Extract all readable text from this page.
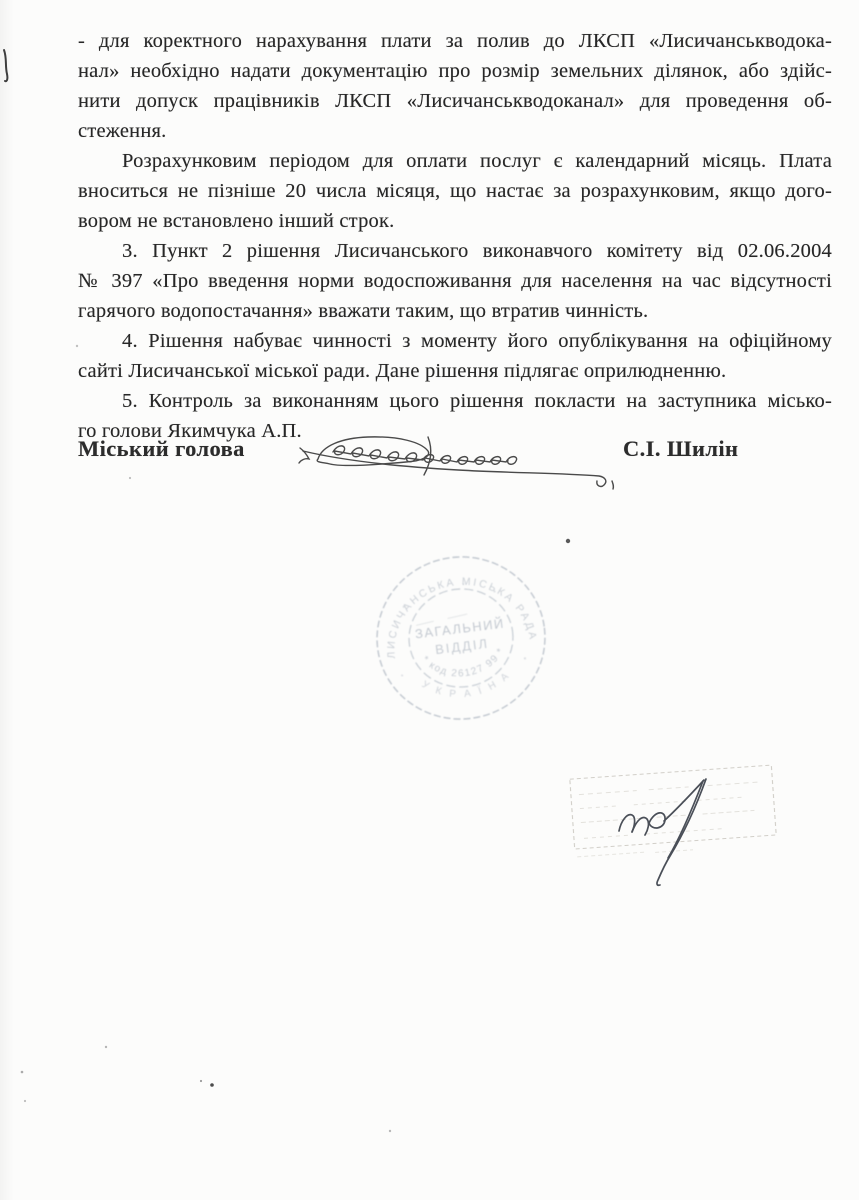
- для коректного нарахування плати за полив до ЛКСП «Лисичанськводока-
нал» необхідно надати документацію про розмір земельних ділянок, або здійс-
нити допуск працівників ЛКСП «Лисичанськводоканал» для проведення об-
стеження.
Розрахунковим періодом для оплати послуг є календарний місяць. Плата
вноситься не пізніше 20 числа місяця, що настає за розрахунковим, якщо дого-
вором не встановлено інший строк.
3. Пункт 2 рішення Лисичанського виконавчого комітету від 02.06.2004
№ 397 «Про введення норми водоспоживання для населення на час відсутності
гарячого водопостачання» вважати таким, що втратив чинність.
4. Рішення набуває чинності з моменту його опублікування на офіційному
сайті Лисичанської міської ради. Дане рішення підлягає оприлюдненню.
5. Контроль за виконанням цього рішення покласти на заступника місько-
го голови Якимчука А.П.
Міський голова	С.І. Шилін
ЛИСИЧАНСЬКА МІСЬКА РАДА
ЗАГАЛЬНИЙ
ВІДДІЛ
* код 26127 99 *
У К Р А Ї Н А
